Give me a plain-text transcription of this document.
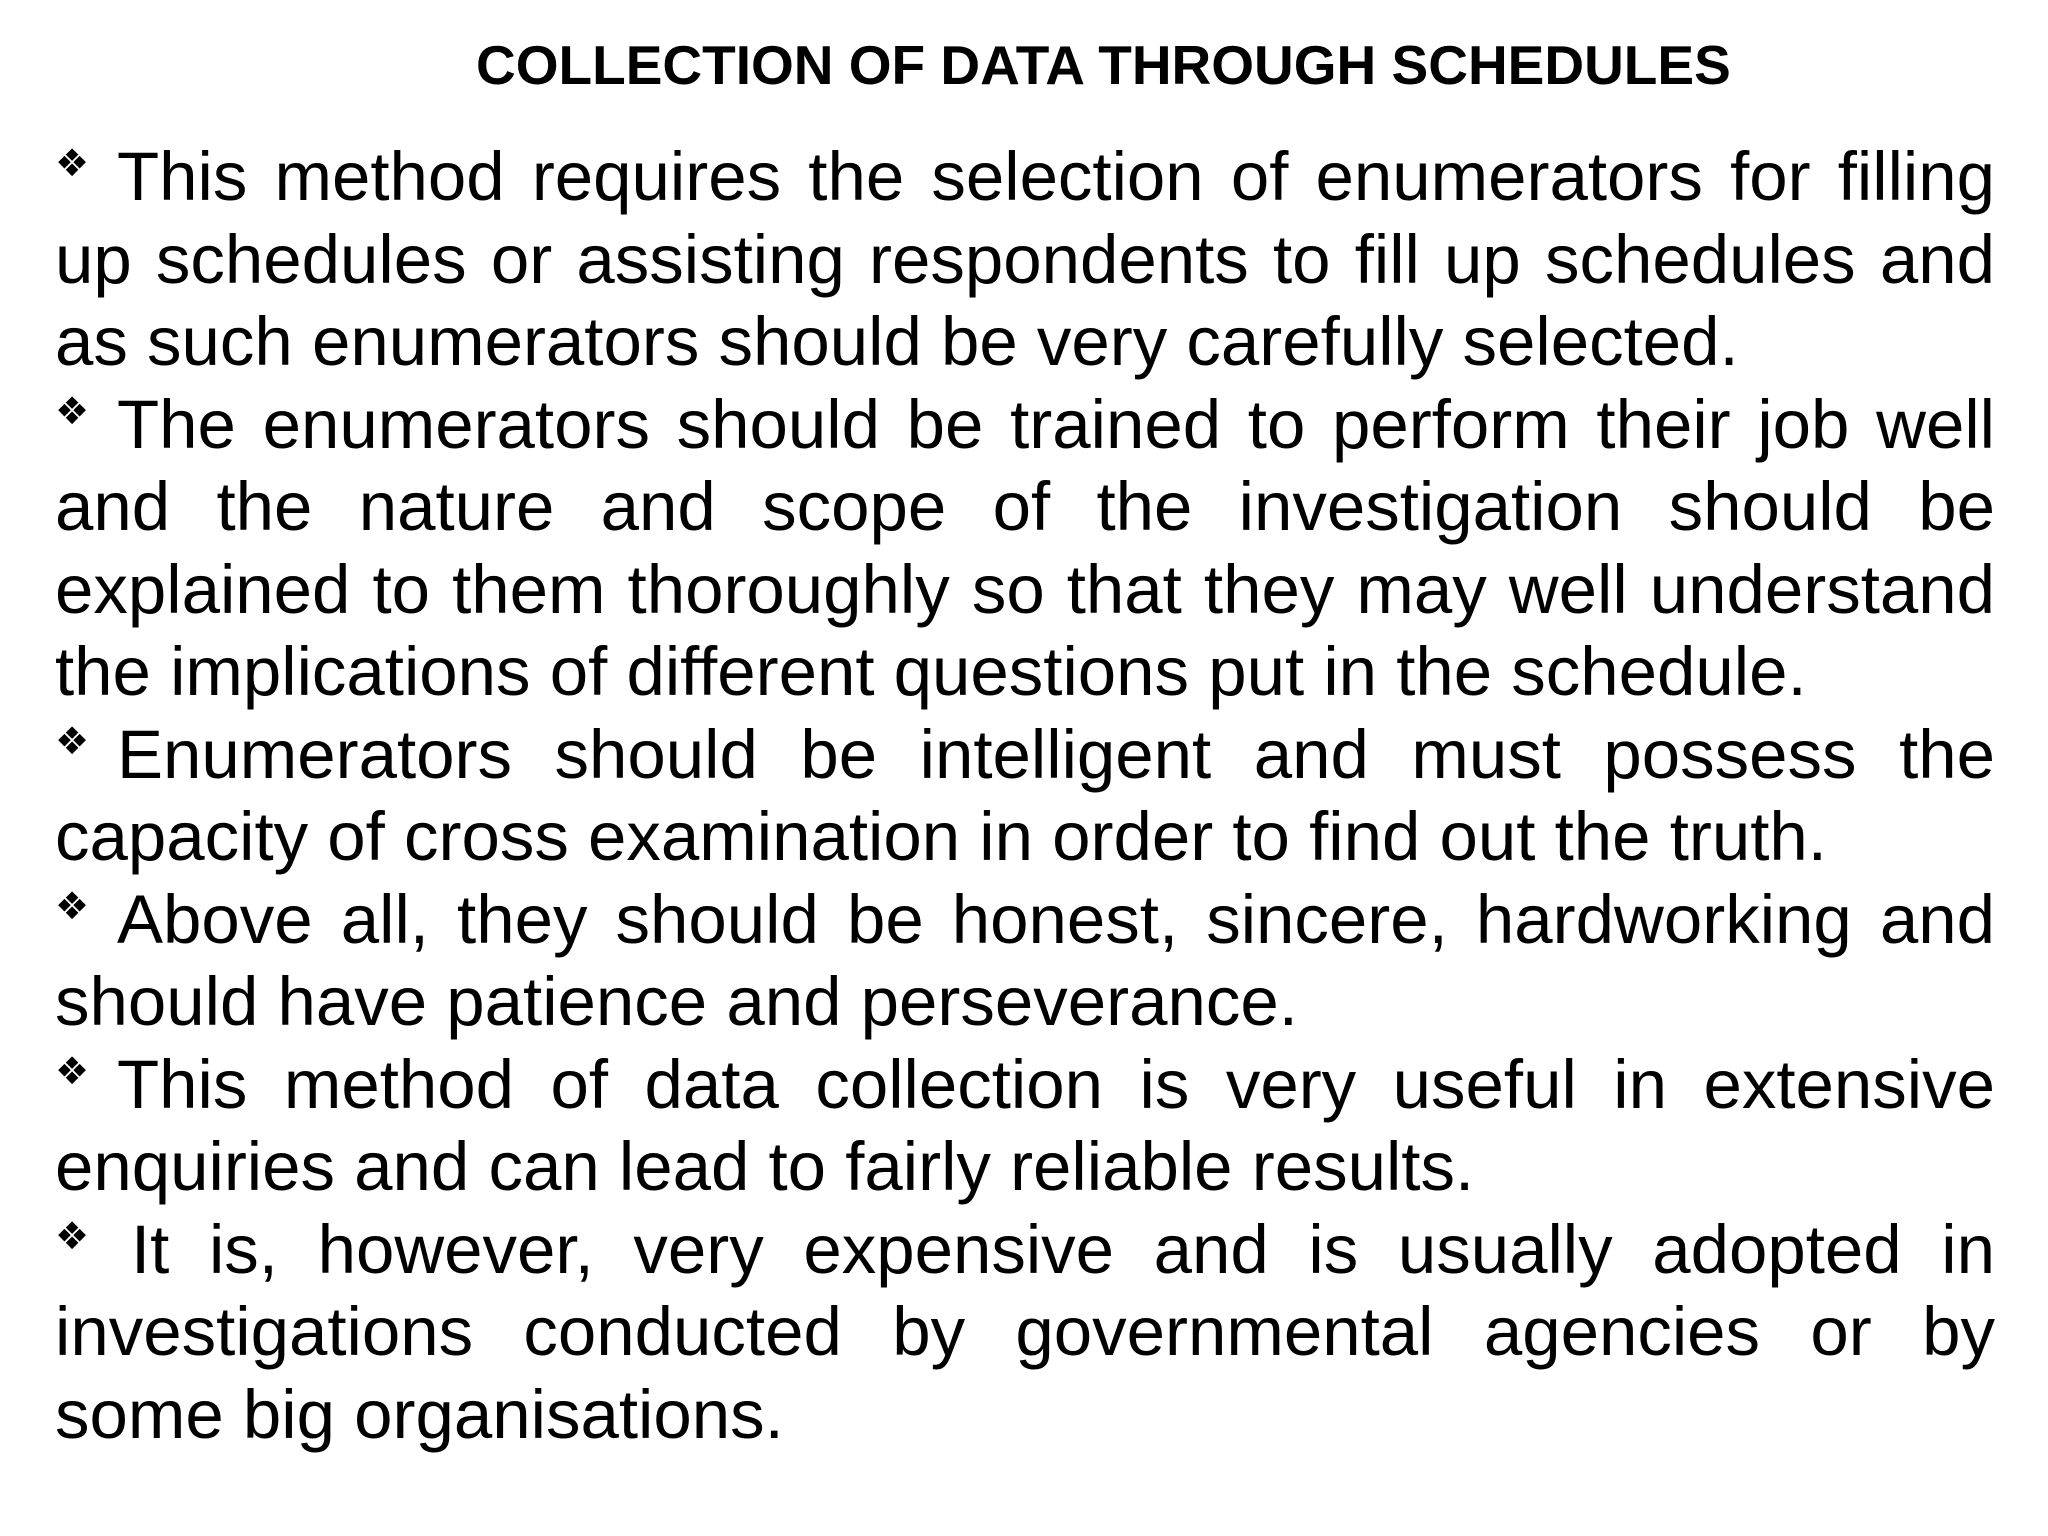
COLLECTION OF DATA THROUGH SCHEDULES
❖ This method requires the selection of enumerators for filling up schedules or assisting respondents to fill up schedules and as such enumerators should be very carefully selected.
❖ The enumerators should be trained to perform their job well and the nature and scope of the investigation should be explained to them thoroughly so that they may well understand the implications of different questions put in the schedule.
❖ Enumerators should be intelligent and must possess the capacity of cross examination in order to find out the truth.
❖ Above all, they should be honest, sincere, hardworking and should have patience and perseverance.
❖ This method of data collection is very useful in extensive enquiries and can lead to fairly reliable results.
❖ It is, however, very expensive and is usually adopted in investigations conducted by governmental agencies or by some big organisations.
